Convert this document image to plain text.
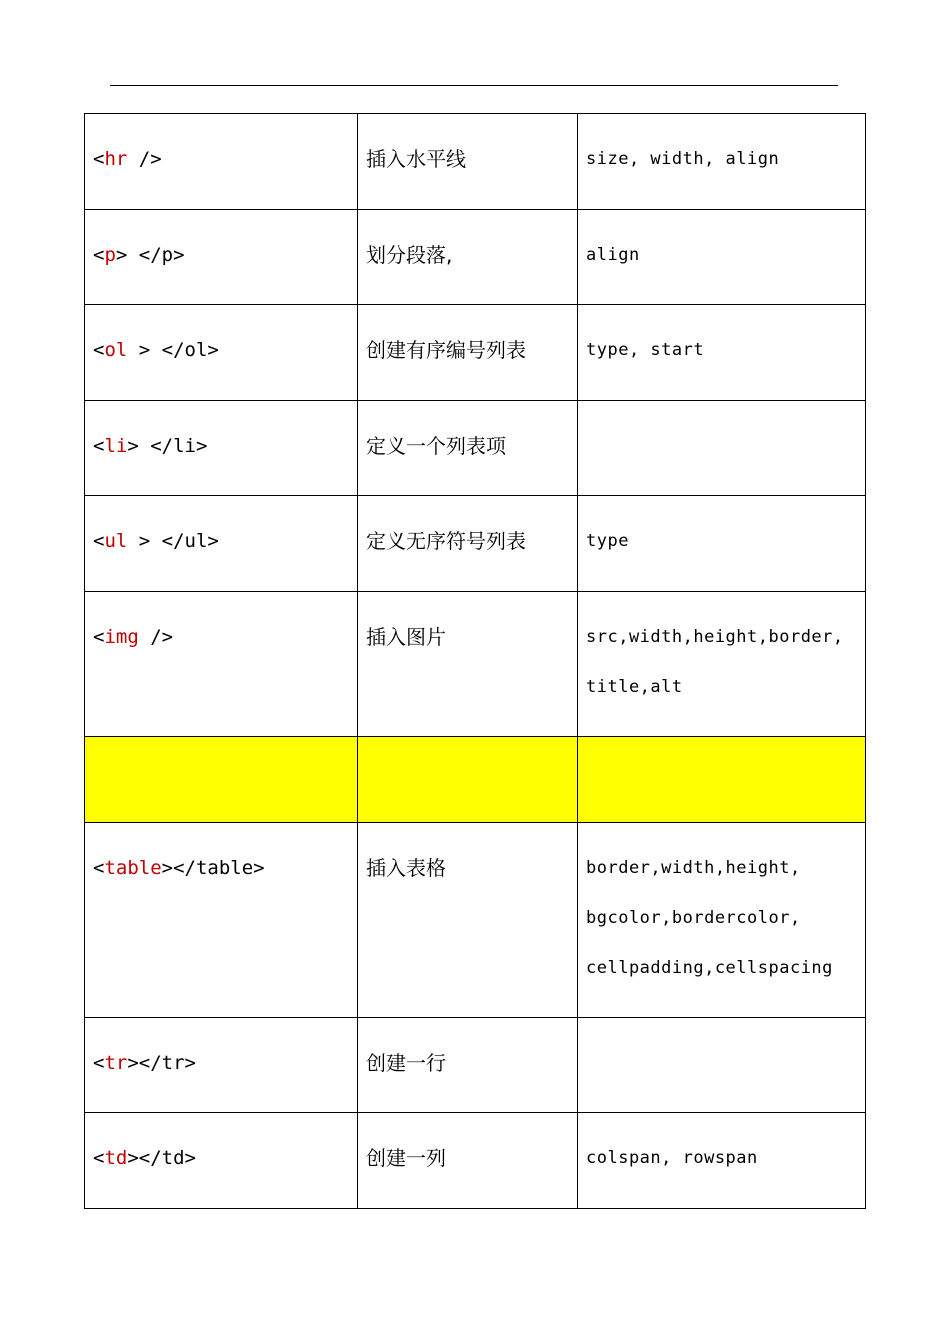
<hr />	插入水平线	size, width, align

<p> </p>	划分段落,	align

<ol > </ol>	创建有序编号列表	type, start

<li> </li>	定义一个列表项	
<ul > </ul>	定义无序符号列表	type

<img />	插入图片	src,width,height,border,
title,alt

<table></table>	插入表格	border,width,height,
bgcolor,bordercolor,
cellpadding,cellspacing

<tr></tr>	创建一行	
<td></td>	创建一列	colspan, rowspan
